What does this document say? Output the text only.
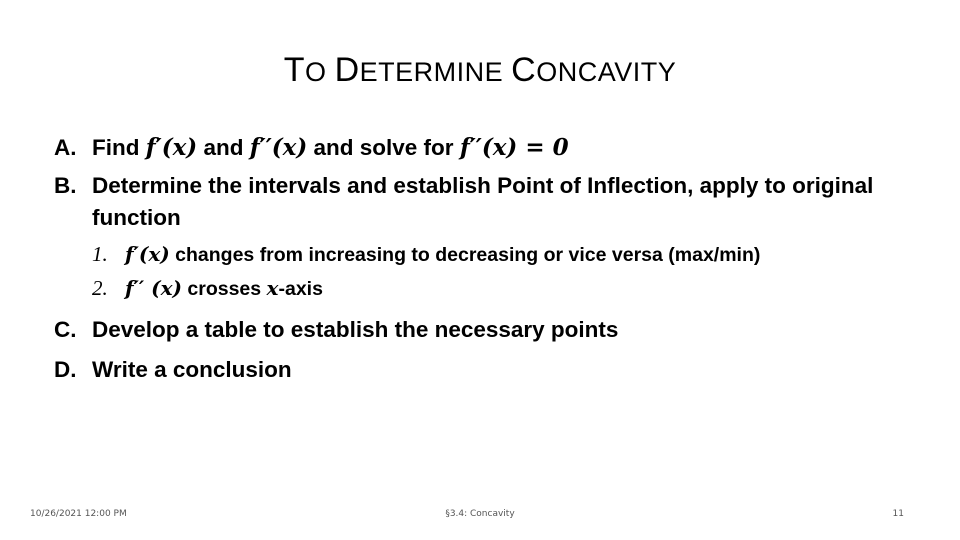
TO DETERMINE CONCAVITY
A. Find f′(x) and f′′(x) and solve for f′′(x) = 0
B. Determine the intervals and establish Point of Inflection, apply to original function
1. f′(x) changes from increasing to decreasing or vice versa (max/min)
2. f′′ (x) crosses x-axis
C. Develop a table to establish the necessary points
D. Write a conclusion
10/26/2021 12:00 PM	§3.4: Concavity	11
